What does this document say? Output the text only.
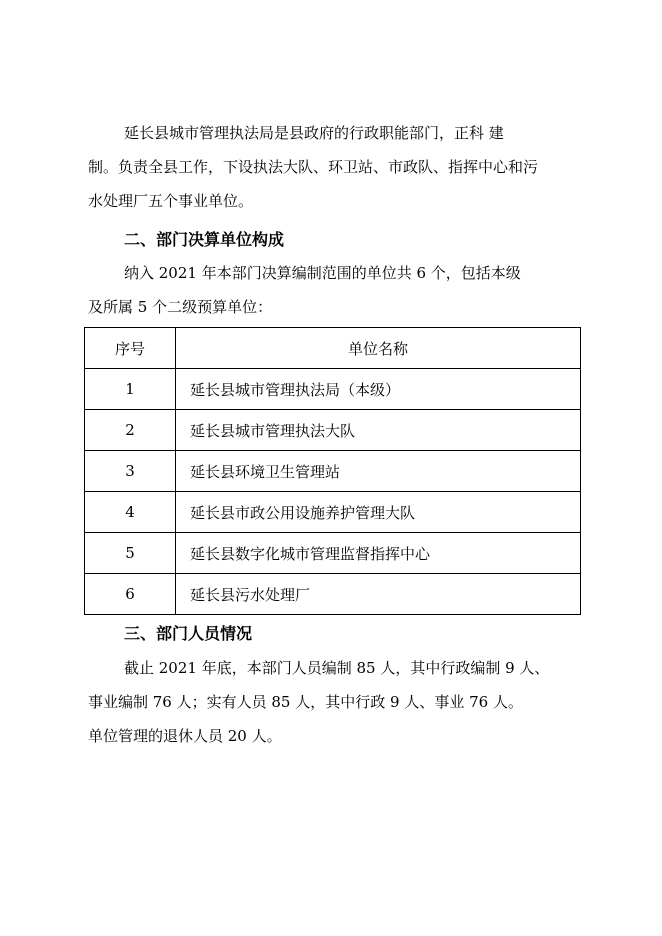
延长县城市管理执法局是县政府的行政职能部门，正科 建
制。负责全县工作，下设执法大队、环卫站、市政队、指挥中心和污
水处理厂五个事业单位。
二、部门决算单位构成
纳入 2021 年本部门决算编制范围的单位共 6 个，包括本级
及所属 5 个二级预算单位：
序号	单位名称
1	延长县城市管理执法局（本级）
2	延长县城市管理执法大队
3	延长县环境卫生管理站
4	延长县市政公用设施养护管理大队
5	延长县数字化城市管理监督指挥中心
6	延长县污水处理厂
三、部门人员情况
截止 2021 年底，本部门人员编制 85 人，其中行政编制 9 人、
事业编制 76 人；实有人员 85 人，其中行政 9 人、事业 76 人。
单位管理的退休人员 20 人。
